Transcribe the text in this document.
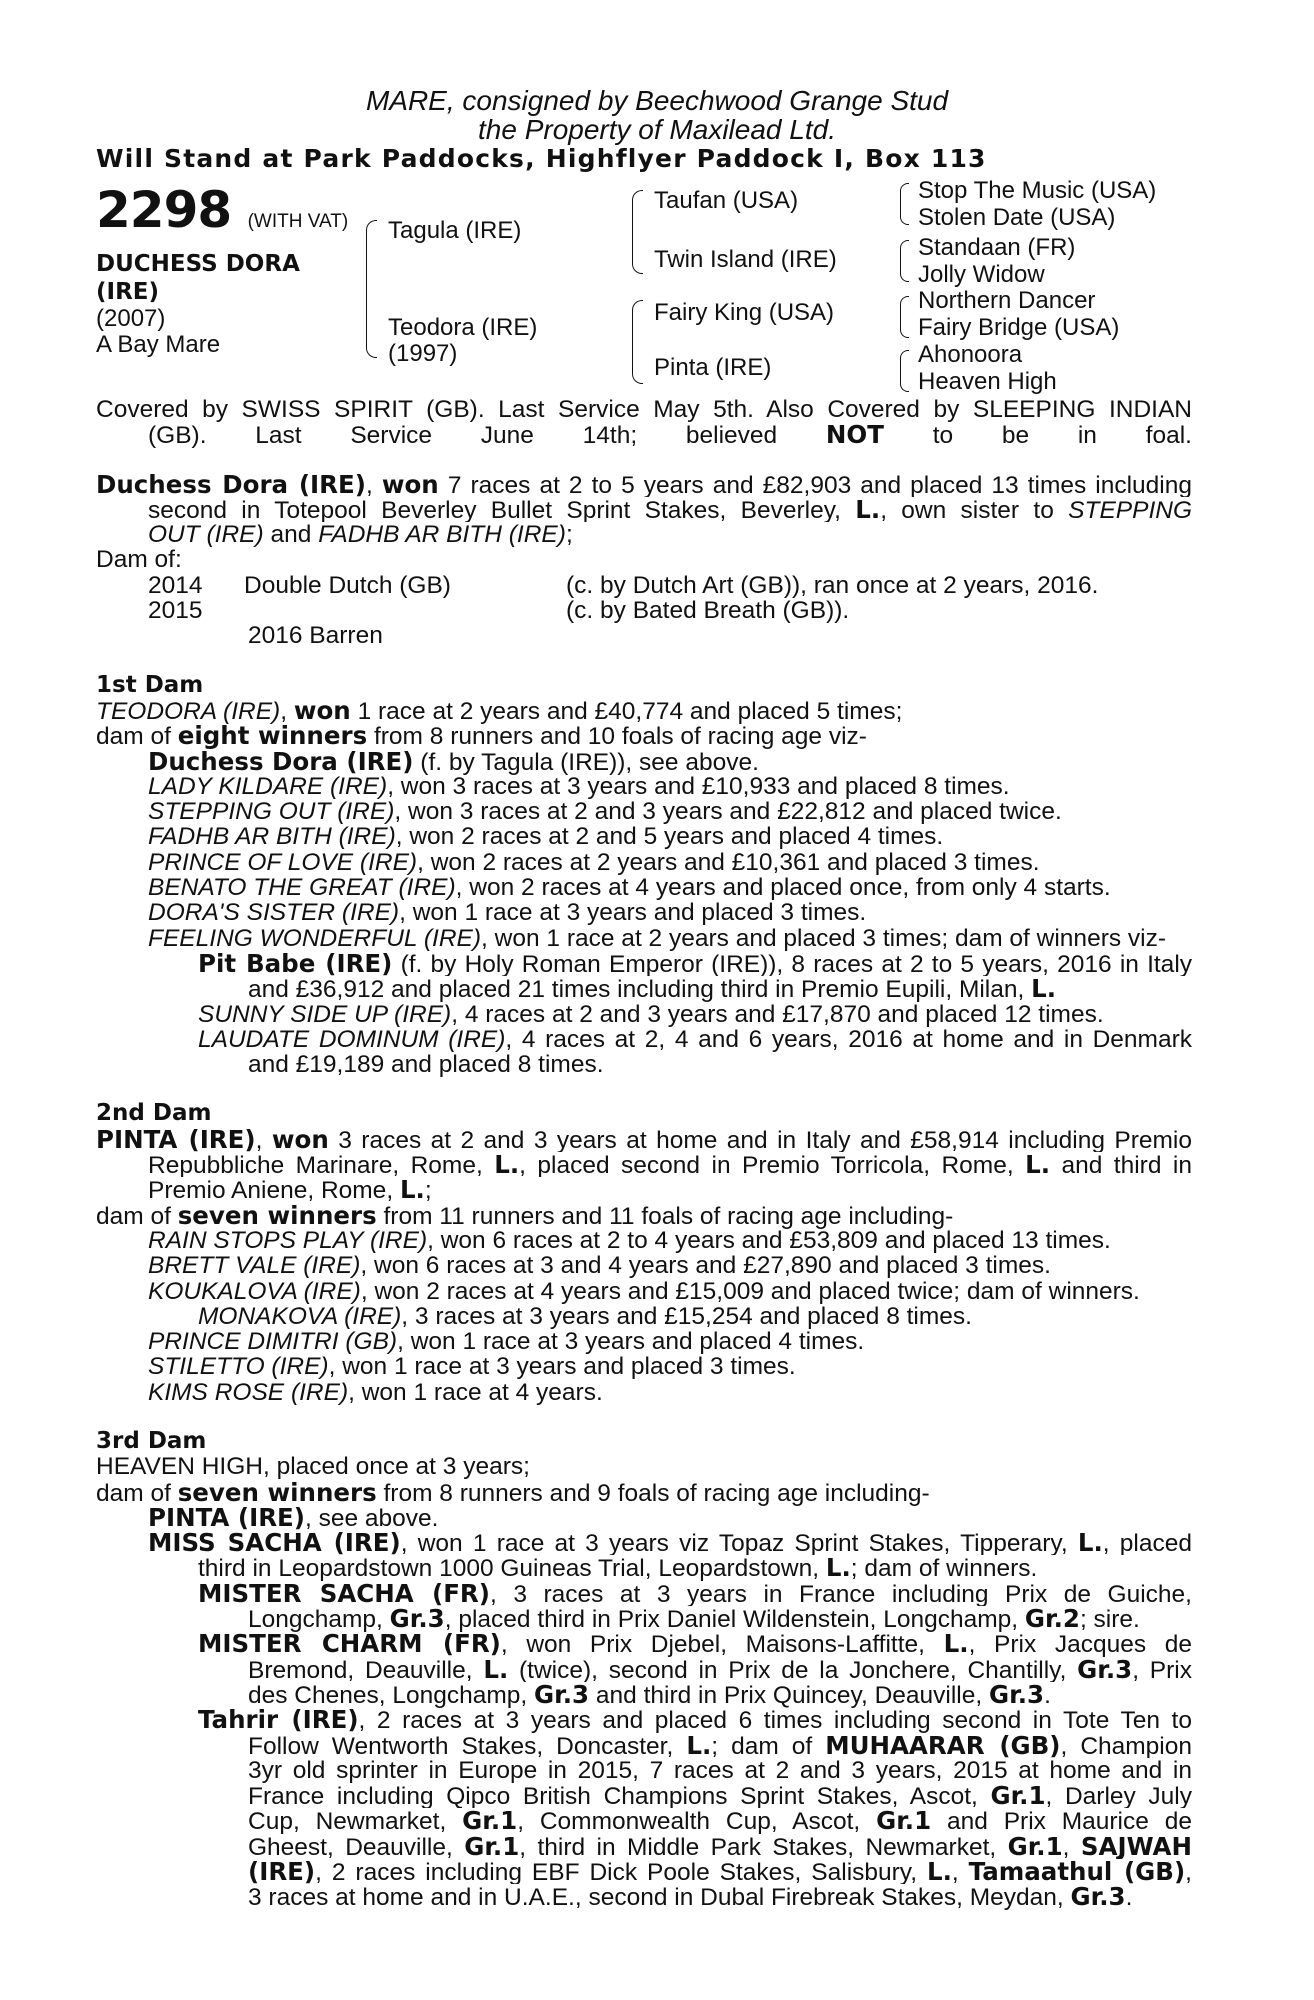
MARE, consigned by Beechwood Grange Stud
the Property of Maxilead Ltd.
Will Stand at Park Paddocks, Highflyer Paddock I, Box 113
2298 (WITH VAT)
DUCHESS DORA
(IRE)
(2007)
A Bay Mare
Tagula (IRE)
Teodora (IRE)
(1997)
Taufan (USA)
Twin Island (IRE)
Fairy King (USA)
Pinta (IRE)
Stop The Music (USA)
Stolen Date (USA)
Standaan (FR)
Jolly Widow
Northern Dancer
Fairy Bridge (USA)
Ahonoora
Heaven High
Covered by SWISS SPIRIT (GB). Last Service May 5th. Also Covered by SLEEPING INDIAN
(GB). Last Service June 14th; believed NOT to be in foal.
Duchess Dora (IRE), won 7 races at 2 to 5 years and £82,903 and placed 13 times including
second in Totepool Beverley Bullet Sprint Stakes, Beverley, L., own sister to STEPPING
OUT (IRE) and FADHB AR BITH (IRE);
Dam of:
2014 Double Dutch (GB)	(c. by Dutch Art (GB)), ran once at 2 years, 2016.
2015	(c. by Bated Breath (GB)).
2016 Barren
1st Dam
TEODORA (IRE), won 1 race at 2 years and £40,774 and placed 5 times;
dam of eight winners from 8 runners and 10 foals of racing age viz-
Duchess Dora (IRE) (f. by Tagula (IRE)), see above.
LADY KILDARE (IRE), won 3 races at 3 years and £10,933 and placed 8 times.
STEPPING OUT (IRE), won 3 races at 2 and 3 years and £22,812 and placed twice.
FADHB AR BITH (IRE), won 2 races at 2 and 5 years and placed 4 times.
PRINCE OF LOVE (IRE), won 2 races at 2 years and £10,361 and placed 3 times.
BENATO THE GREAT (IRE), won 2 races at 4 years and placed once, from only 4 starts.
DORA'S SISTER (IRE), won 1 race at 3 years and placed 3 times.
FEELING WONDERFUL (IRE), won 1 race at 2 years and placed 3 times; dam of winners viz-
Pit Babe (IRE) (f. by Holy Roman Emperor (IRE)), 8 races at 2 to 5 years, 2016 in Italy
and £36,912 and placed 21 times including third in Premio Eupili, Milan, L.
SUNNY SIDE UP (IRE), 4 races at 2 and 3 years and £17,870 and placed 12 times.
LAUDATE DOMINUM (IRE), 4 races at 2, 4 and 6 years, 2016 at home and in Denmark
and £19,189 and placed 8 times.
2nd Dam
PINTA (IRE), won 3 races at 2 and 3 years at home and in Italy and £58,914 including Premio
Repubbliche Marinare, Rome, L., placed second in Premio Torricola, Rome, L. and third in
Premio Aniene, Rome, L.;
dam of seven winners from 11 runners and 11 foals of racing age including-
RAIN STOPS PLAY (IRE), won 6 races at 2 to 4 years and £53,809 and placed 13 times.
BRETT VALE (IRE), won 6 races at 3 and 4 years and £27,890 and placed 3 times.
KOUKALOVA (IRE), won 2 races at 4 years and £15,009 and placed twice; dam of winners.
MONAKOVA (IRE), 3 races at 3 years and £15,254 and placed 8 times.
PRINCE DIMITRI (GB), won 1 race at 3 years and placed 4 times.
STILETTO (IRE), won 1 race at 3 years and placed 3 times.
KIMS ROSE (IRE), won 1 race at 4 years.
3rd Dam
HEAVEN HIGH, placed once at 3 years;
dam of seven winners from 8 runners and 9 foals of racing age including-
PINTA (IRE), see above.
MISS SACHA (IRE), won 1 race at 3 years viz Topaz Sprint Stakes, Tipperary, L., placed
third in Leopardstown 1000 Guineas Trial, Leopardstown, L.; dam of winners.
MISTER SACHA (FR), 3 races at 3 years in France including Prix de Guiche,
Longchamp, Gr.3, placed third in Prix Daniel Wildenstein, Longchamp, Gr.2; sire.
MISTER CHARM (FR), won Prix Djebel, Maisons-Laffitte, L., Prix Jacques de
Bremond, Deauville, L. (twice), second in Prix de la Jonchere, Chantilly, Gr.3, Prix
des Chenes, Longchamp, Gr.3 and third in Prix Quincey, Deauville, Gr.3.
Tahrir (IRE), 2 races at 3 years and placed 6 times including second in Tote Ten to
Follow Wentworth Stakes, Doncaster, L.; dam of MUHAARAR (GB), Champion
3yr old sprinter in Europe in 2015, 7 races at 2 and 3 years, 2015 at home and in
France including Qipco British Champions Sprint Stakes, Ascot, Gr.1, Darley July
Cup, Newmarket, Gr.1, Commonwealth Cup, Ascot, Gr.1 and Prix Maurice de
Gheest, Deauville, Gr.1, third in Middle Park Stakes, Newmarket, Gr.1, SAJWAH
(IRE), 2 races including EBF Dick Poole Stakes, Salisbury, L., Tamaathul (GB),
3 races at home and in U.A.E., second in Dubal Firebreak Stakes, Meydan, Gr.3.
